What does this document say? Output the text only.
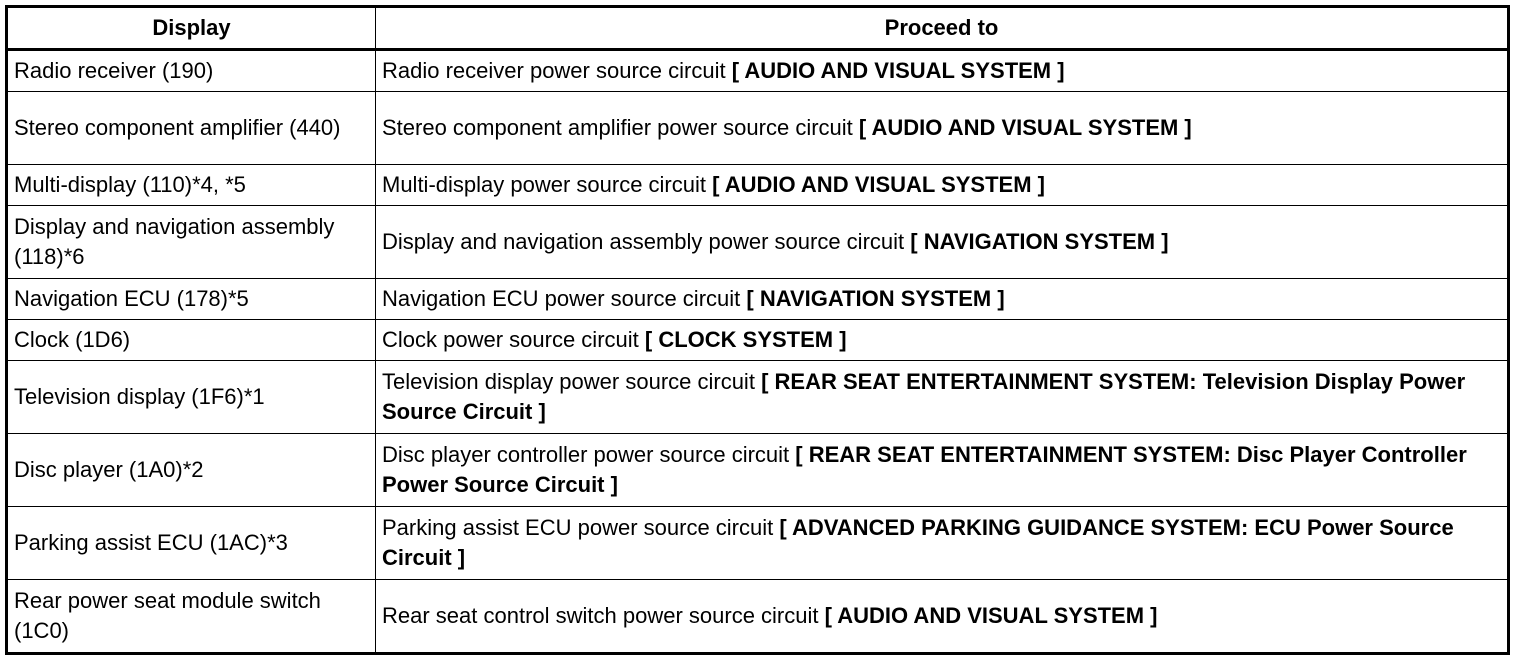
Display	Proceed to
Radio receiver (190)	Radio receiver power source circuit [ AUDIO AND VISUAL SYSTEM ]
Stereo component amplifier (440)	Stereo component amplifier power source circuit [ AUDIO AND VISUAL SYSTEM ]
Multi-display (110)*4, *5	Multi-display power source circuit [ AUDIO AND VISUAL SYSTEM ]
Display and navigation assembly (118)*6	Display and navigation assembly power source circuit [ NAVIGATION SYSTEM ]
Navigation ECU (178)*5	Navigation ECU power source circuit [ NAVIGATION SYSTEM ]
Clock (1D6)	Clock power source circuit [ CLOCK SYSTEM ]
Television display (1F6)*1	Television display power source circuit [ REAR SEAT ENTERTAINMENT SYSTEM: Television Display Power Source Circuit ]
Disc player (1A0)*2	Disc player controller power source circuit [ REAR SEAT ENTERTAINMENT SYSTEM: Disc Player Controller Power Source Circuit ]
Parking assist ECU (1AC)*3	Parking assist ECU power source circuit [ ADVANCED PARKING GUIDANCE SYSTEM: ECU Power Source Circuit ]
Rear power seat module switch (1C0)	Rear seat control switch power source circuit [ AUDIO AND VISUAL SYSTEM ]
